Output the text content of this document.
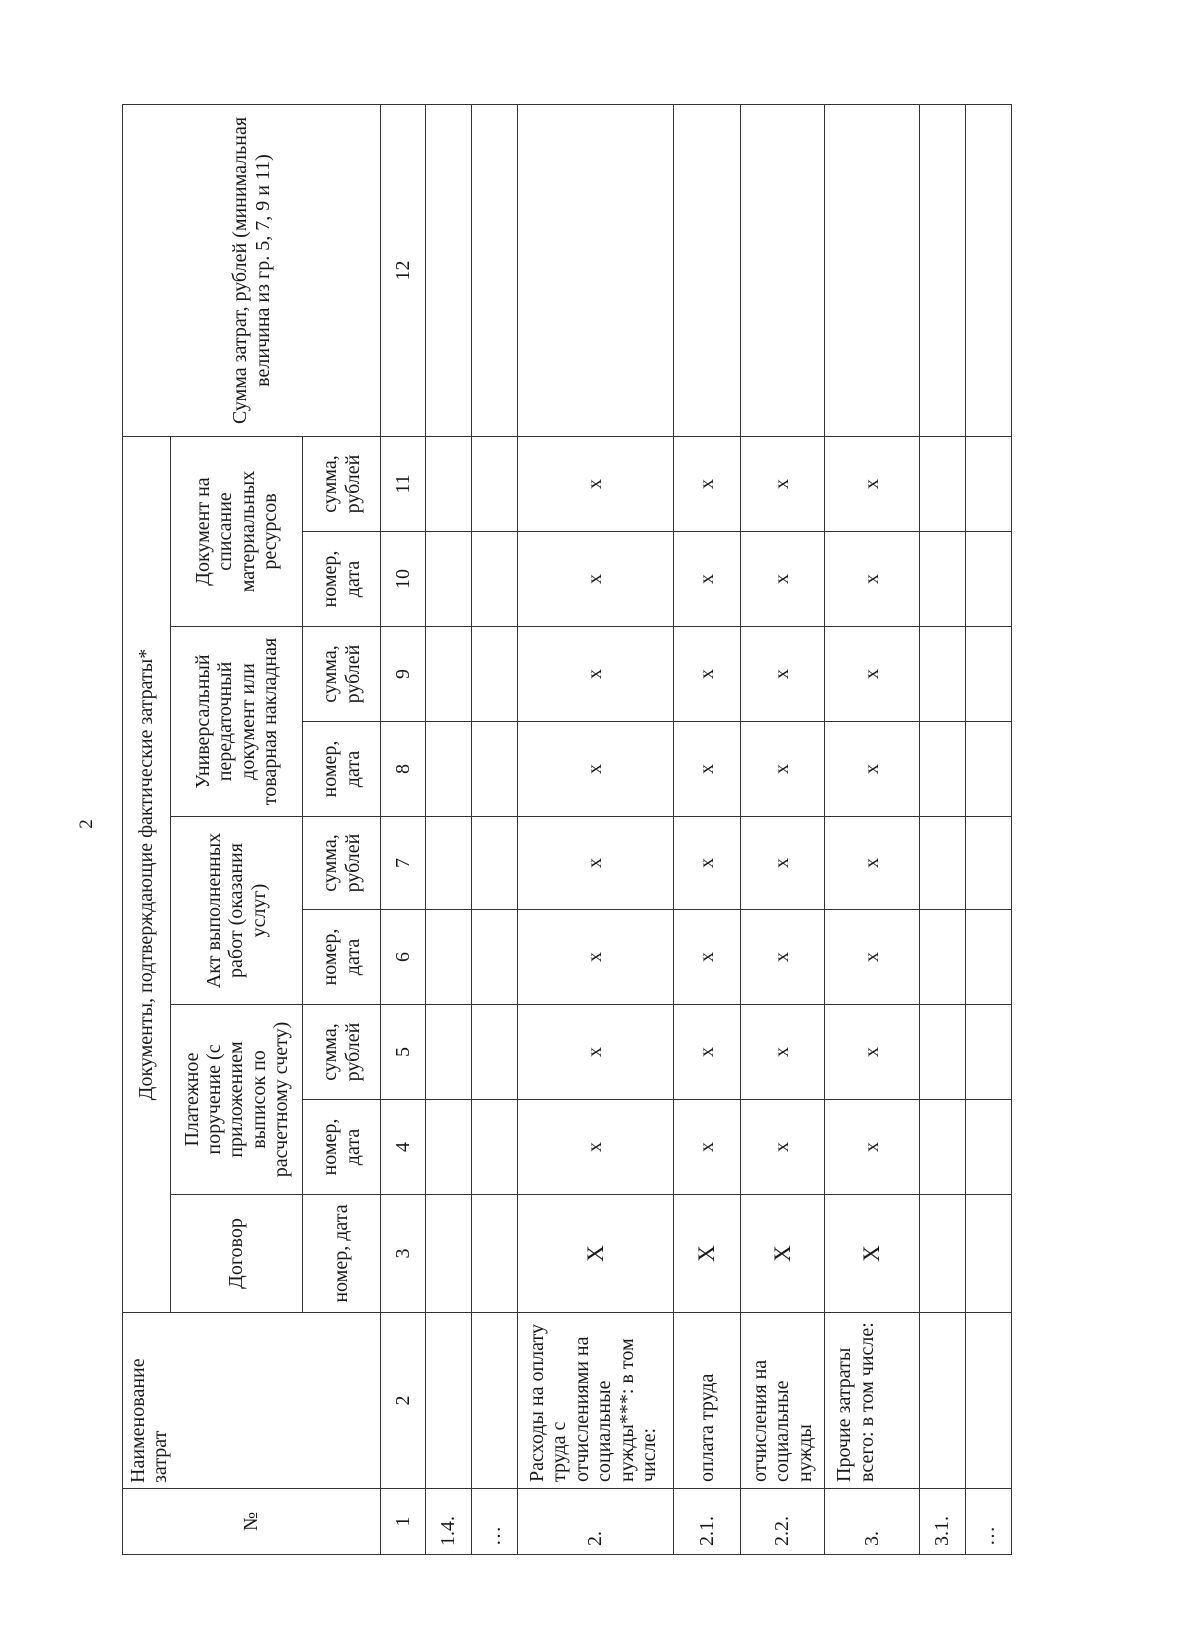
2
№	Наименование затрат	Документы, подтверждающие фактические затраты*									Сумма затрат, рублей (минимальная величина из гр. 5, 7, 9 и 11)
		Договор	Платежное поручение (с приложением выписок по расчетному счету)		Акт выполненных работ (оказания услуг)		Универсальный передаточный документ или товарная накладная		Документ на списание материальных ресурсов		
		номер, дата	номер, дата	сумма, рублей	номер, дата	сумма, рублей	номер, дата	сумма, рублей	номер, дата	сумма, рублей	
1	2	3	4	5	6	7	8	9	10	11	12
1.4.											
…											
2.	Расходы на оплату труда с отчислениями на социальные нужды***: в том числе:	Х	х	х	х	х	х	х	х	х	
2.1.	оплата труда	Х	х	х	х	х	х	х	х	х	
2.2.	отчисления на социальные нужды	Х	х	х	х	х	х	х	х	х	
3.	Прочие затраты всего: в том числе:	Х	х	х	х	х	х	х	х	х	
3.1.											
…											
